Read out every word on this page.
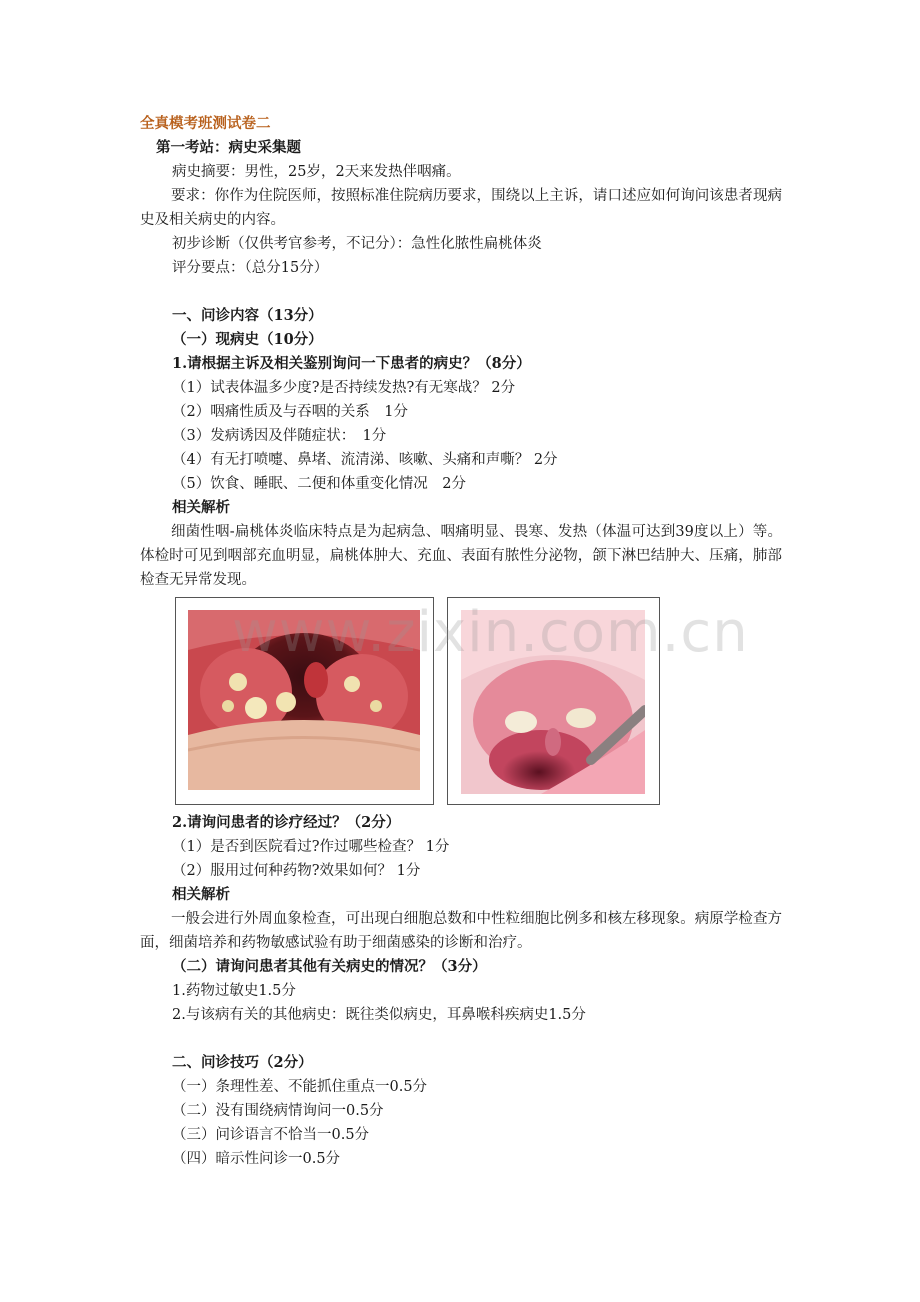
全真模考班测试卷二
第一考站：病史采集题
病史摘要：男性，25岁，2天来发热伴咽痛。
要求：你作为住院医师，按照标准住院病历要求，围绕以上主诉，请口述应如何询问该患者现病史及相关病史的内容。
初步诊断（仅供考官参考，不记分）：急性化脓性扁桃体炎
评分要点：（总分15分）
一、问诊内容（13分）
（一）现病史（10分）
1.请根据主诉及相关鉴别询问一下患者的病史？（8分）
（1）试表体温多少度?是否持续发热?有无寒战？ 2分
（2）咽痛性质及与吞咽的关系　1分
（3）发病诱因及伴随症状：　1分
（4）有无打喷嚏、鼻堵、流清涕、咳嗽、头痛和声嘶？ 2分
（5）饮食、睡眠、二便和体重变化情况　2分
相关解析
细菌性咽-扁桃体炎临床特点是为起病急、咽痛明显、畏寒、发热（体温可达到39度以上）等。体检时可见到咽部充血明显，扁桃体肿大、充血、表面有脓性分泌物，颌下淋巴结肿大、压痛，肺部检查无异常发现。
www.zixin.com.cn
2.请询问患者的诊疗经过？（2分）
（1）是否到医院看过?作过哪些检查？ 1分
（2）服用过何种药物?效果如何？ 1分
相关解析
一般会进行外周血象检查，可出现白细胞总数和中性粒细胞比例多和核左移现象。病原学检查方面，细菌培养和药物敏感试验有助于细菌感染的诊断和治疗。
（二）请询问患者其他有关病史的情况？（3分）
1.药物过敏史1.5分
2.与该病有关的其他病史：既往类似病史，耳鼻喉科疾病史1.5分
二、问诊技巧（2分）
（一）条理性差、不能抓住重点一0.5分
（二）没有围绕病情询问一0.5分
（三）问诊语言不恰当一0.5分
（四）暗示性问诊一0.5分
